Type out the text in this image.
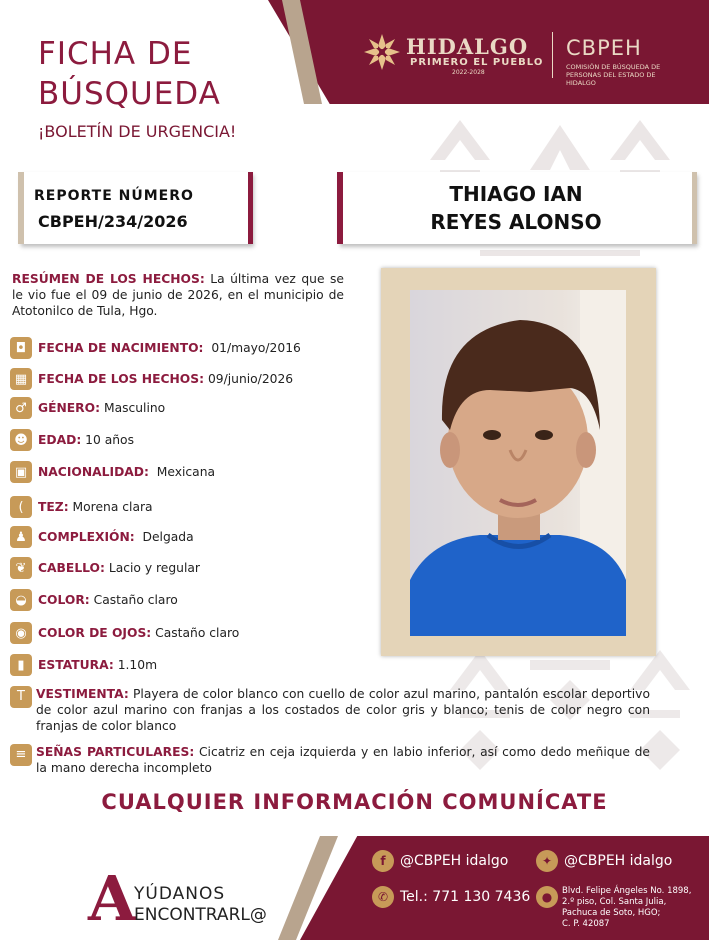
FICHA DE
BÚSQUEDA
¡BOLETÍN DE URGENCIA!
HIDALGO
PRIMERO EL PUEBLO
2022-2028
CBPEH
COMISIÓN DE BÚSQUEDA DE PERSONAS DEL ESTADO DE HIDALGO
REPORTE NÚMERO
CBPEH/234/2026
THIAGO IAN
REYES ALONSO
RESÚMEN DE LOS HECHOS: La última vez que se le vio fue el 09 de junio de 2026, en el municipio de Atotonilco de Tula, Hgo.
◘ FECHA DE NACIMIENTO:
01/mayo/2016
▦ FECHA DE LOS HECHOS:
09/junio/2026
♂ GÉNERO:
Masculino
☻ EDAD:
10 años
▣ NACIONALIDAD:
Mexicana
(	TEZ:
Morena clara
♟ COMPLEXIÓN:
Delgada
❦ CABELLO:
Lacio y regular
◒ COLOR:
Castaño claro
◉ COLOR DE OJOS:
Castaño claro
▮	ESTATURA:
1.10m
T VESTIMENTA: Playera de color blanco con cuello de color azul marino, pantalón escolar deportivo de color azul marino con franjas a los costados de color gris y blanco; tenis de color negro con franjas de color blanco
≡ SEÑAS PARTICULARES: Cicatriz en ceja izquierda y en labio inferior, así como dedo meñique de la mano derecha incompleto
CUALQUIER INFORMACIÓN COMUNÍCATE
f	@CBPEH idalgo	✦ @CBPEH idalgo
✆ Tel.: 771 130 7436 ●	Blvd. Felipe Ángeles No. 1898,
2.º piso, Col. Santa Julia,
Pachuca de Soto, HGO;
C. P. 42087
A
YÚDANOS
ENCONTRARL@
